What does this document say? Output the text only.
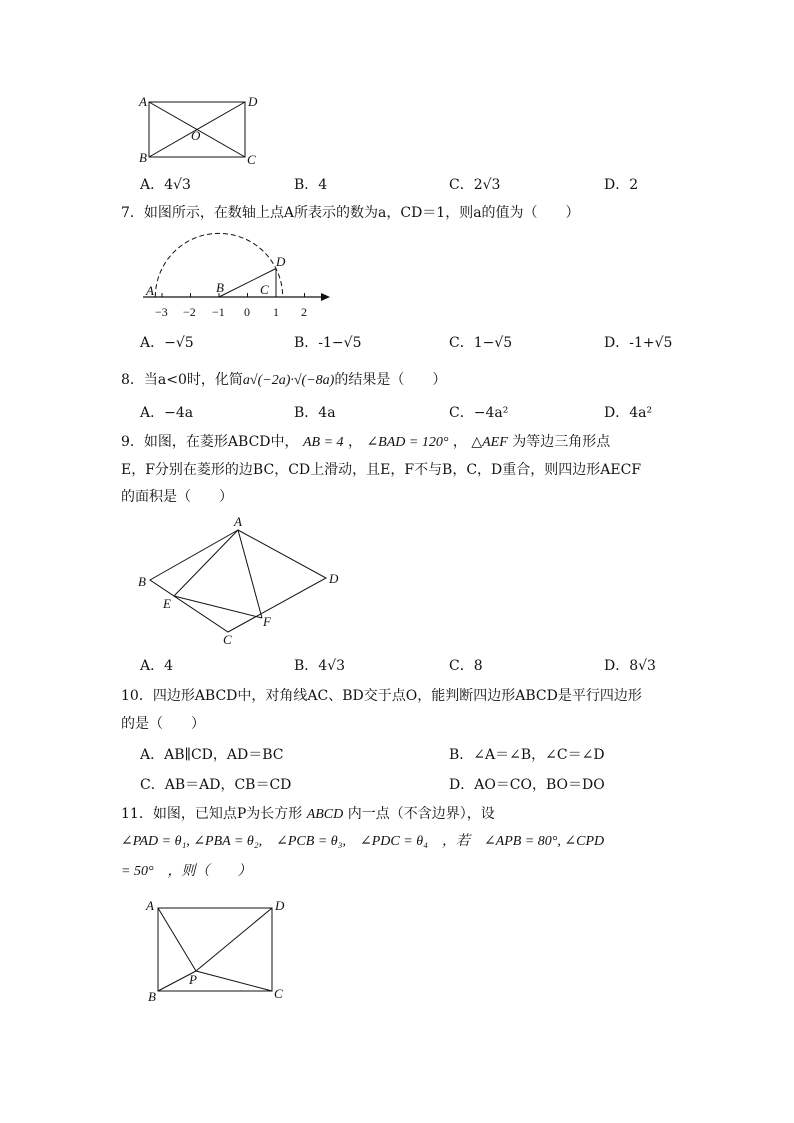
A	D
B	C
O
A．4√3	B．4	C．2√3	D．2
7．如图所示，在数轴上点A所表示的数为a，CD＝1，则a的值为（　　）
A	B	C
D
−3 −2 −1 0 1 2
A．−√5	B．-1−√5	C．1−√5	D．-1+√5
8．当a<0时，化简a√(−2a)·√(−8a)的结果是（　　）
A．−4a	B．4a	C．−4a²	D．4a²
9．如图，在菱形ABCD中， AB = 4 ， ∠BAD = 120° ， △AEF 为等边三角形点
E，F分别在菱形的边BC，CD上滑动，且E，F不与B，C，D重合，则四边形AECF
的面积是（　　）
A
B	D
E
F
C
A．4	B．4√3	C．8	D．8√3
10．四边形ABCD中，对角线AC、BD交于点O，能判断四边形ABCD是平行四边形
的是（　　）
A．AB∥CD，AD＝BC	B．∠A＝∠B，∠C＝∠D
C．AB＝AD，CB＝CD	D．AO＝CO，BO＝DO
11．如图，已知点P为长方形 ABCD 内一点（不含边界），设
∠PAD = θ₁, ∠PBA = θ₂,　∠PCB = θ₃,　∠PDC = θ₄　，若　∠APB = 80°, ∠CPD
= 50°　，则（　　）
A	D
B	C
P
